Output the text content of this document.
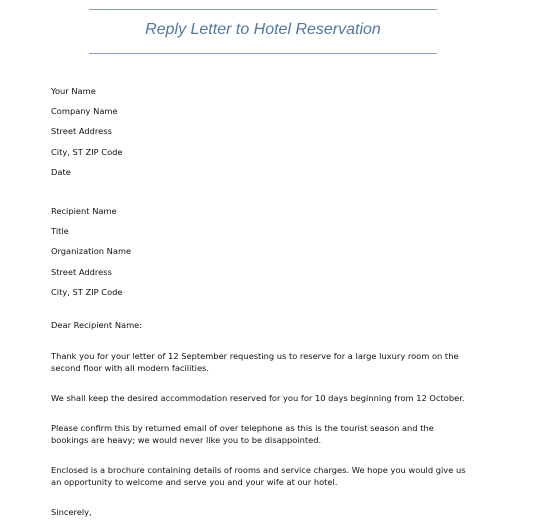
Reply Letter to Hotel Reservation
Your Name
Company Name
Street Address
City, ST ZIP Code
Date
Recipient Name
Title
Organization Name
Street Address
City, ST ZIP Code

Dear Recipient Name:

Thank you for your letter of 12 September requesting us to reserve for a large luxury room on the second floor with all modern facilities.

We shall keep the desired accommodation reserved for you for 10 days beginning from 12 October.

Please confirm this by returned email of over telephone as this is the tourist season and the bookings are heavy; we would never like you to be disappointed.

Enclosed is a brochure containing details of rooms and service charges. We hope you would give us an opportunity to welcome and serve you and your wife at our hotel.

Sincerely,
